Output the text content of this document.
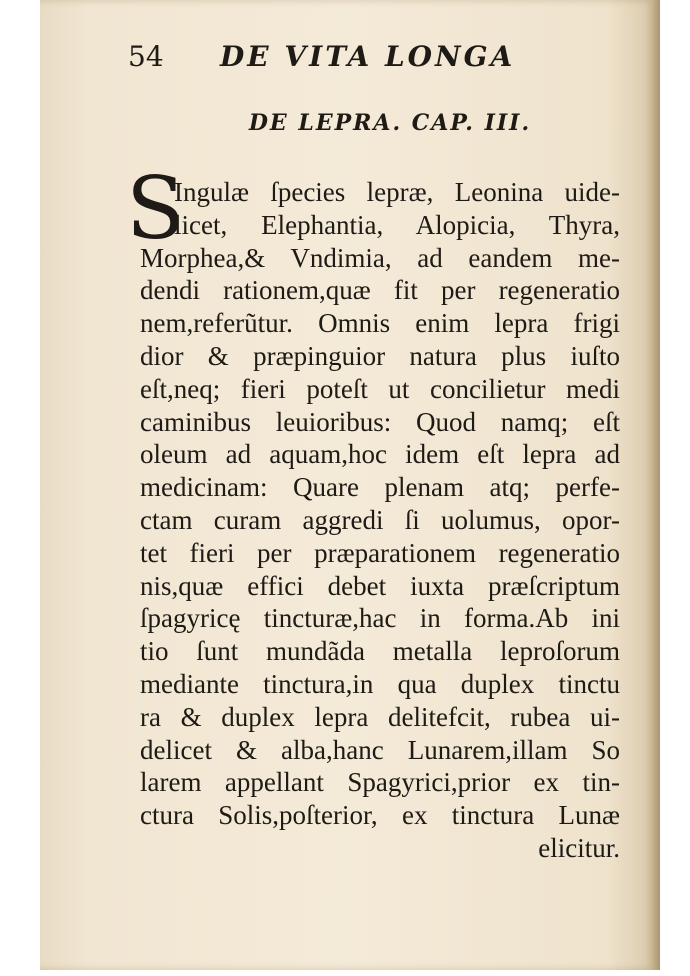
54 DE VITA LONGA
DE LEPRA. CAP. III.
S
Ingulæ ſpecies lepræ, Leonina uide-
licet, Elephantia, Alopicia, Thyra,
Morphea,& Vndimia, ad eandem me-
dendi rationem,quæ fit per regeneratio
nem,referũtur. Omnis enim lepra frigi
dior & præpinguior natura plus iuſto
eſt,neq; fieri poteſt ut concilietur medi
caminibus leuioribus: Quod namq; eſt
oleum ad aquam,hoc idem eſt lepra ad
medicinam: Quare plenam atq; perfe-
ctam curam aggredi ſi uolumus, opor-
tet fieri per præparationem regeneratio
nis,quæ effici debet iuxta præſcriptum
ſpagyricę tincturæ,hac in forma.Ab ini
tio ſunt mundãda metalla leproſorum
mediante tinctura,in qua duplex tinctu
ra & duplex lepra delitefcit, rubea ui-
delicet & alba,hanc Lunarem,illam So
larem appellant Spagyrici,prior ex tin-
ctura Solis,poſterior, ex tinctura Lunæ
elicitur.
